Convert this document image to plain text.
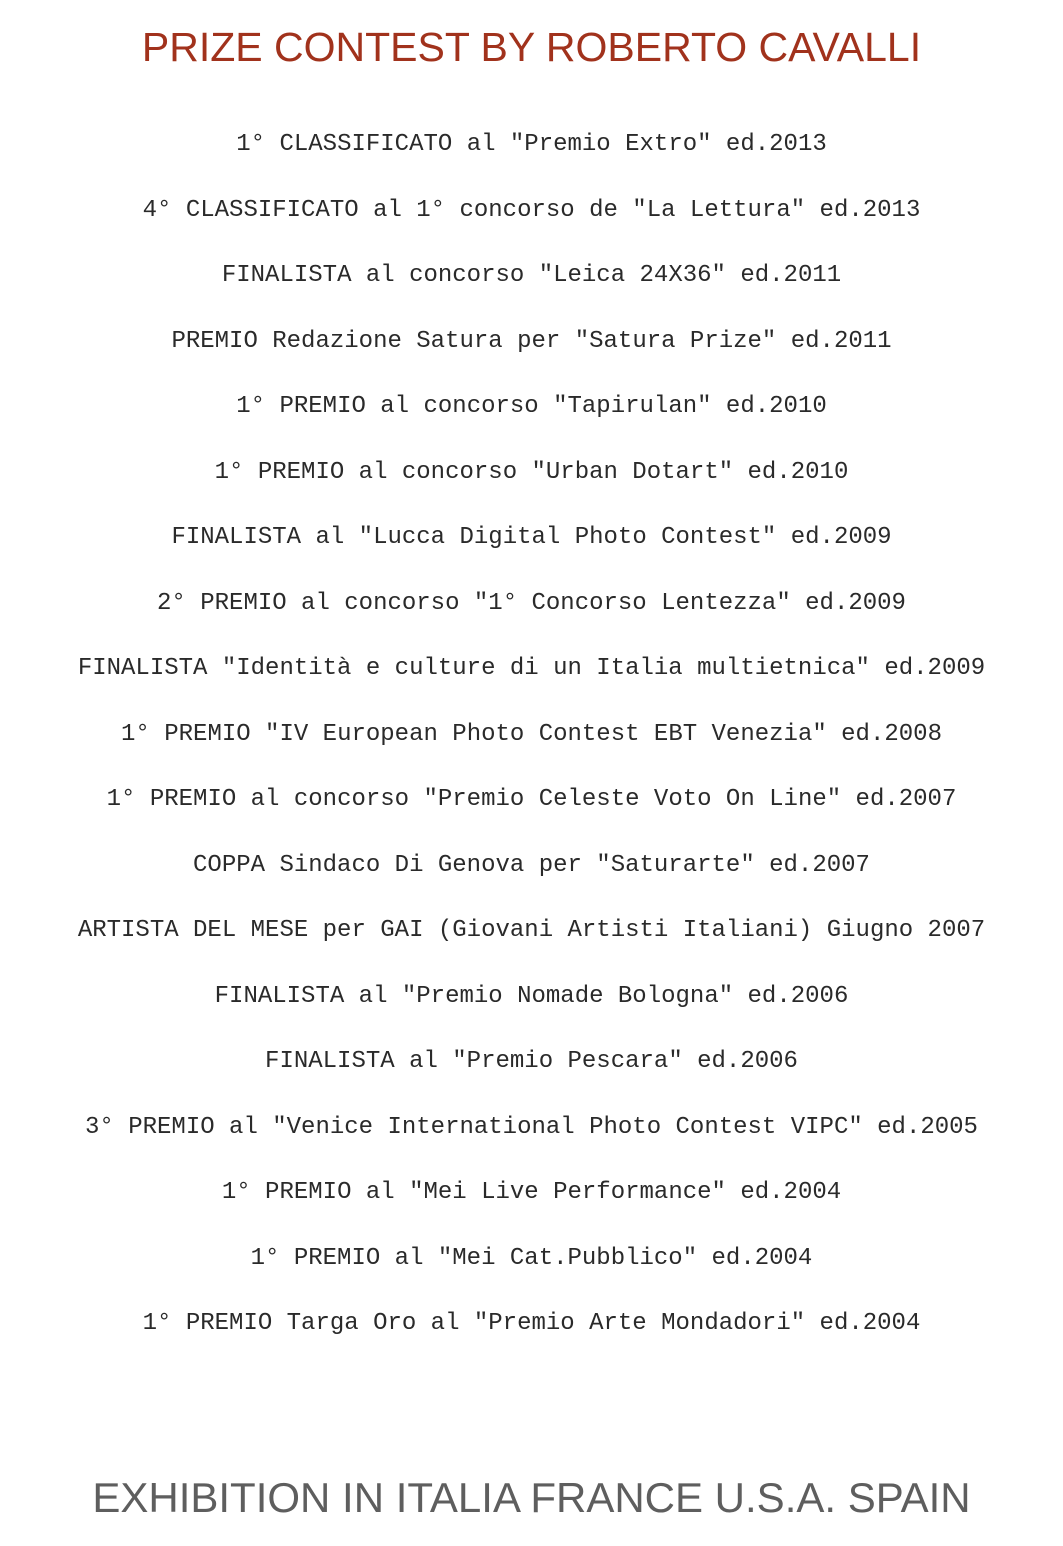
PRIZE CONTEST BY ROBERTO CAVALLI
1° CLASSIFICATO al "Premio Extro" ed.2013
4° CLASSIFICATO al 1° concorso de "La Lettura" ed.2013
FINALISTA al concorso "Leica 24X36" ed.2011
PREMIO Redazione Satura per "Satura Prize" ed.2011
1° PREMIO al concorso "Tapirulan" ed.2010
1° PREMIO al concorso "Urban Dotart" ed.2010
FINALISTA al "Lucca Digital Photo Contest" ed.2009
2° PREMIO al concorso "1° Concorso Lentezza" ed.2009
FINALISTA "Identità e culture di un Italia multietnica" ed.2009
1° PREMIO "IV European Photo Contest EBT Venezia" ed.2008
1° PREMIO al concorso "Premio Celeste Voto On Line" ed.2007
COPPA Sindaco Di Genova per "Saturarte" ed.2007
ARTISTA DEL MESE per GAI (Giovani Artisti Italiani) Giugno 2007
FINALISTA al "Premio Nomade Bologna" ed.2006
FINALISTA al "Premio Pescara" ed.2006
3° PREMIO al "Venice International Photo Contest VIPC" ed.2005
1° PREMIO al "Mei Live Performance" ed.2004
1° PREMIO al "Mei Cat.Pubblico" ed.2004
1° PREMIO Targa Oro al "Premio Arte Mondadori" ed.2004
EXHIBITION IN ITALIA FRANCE U.S.A. SPAIN
